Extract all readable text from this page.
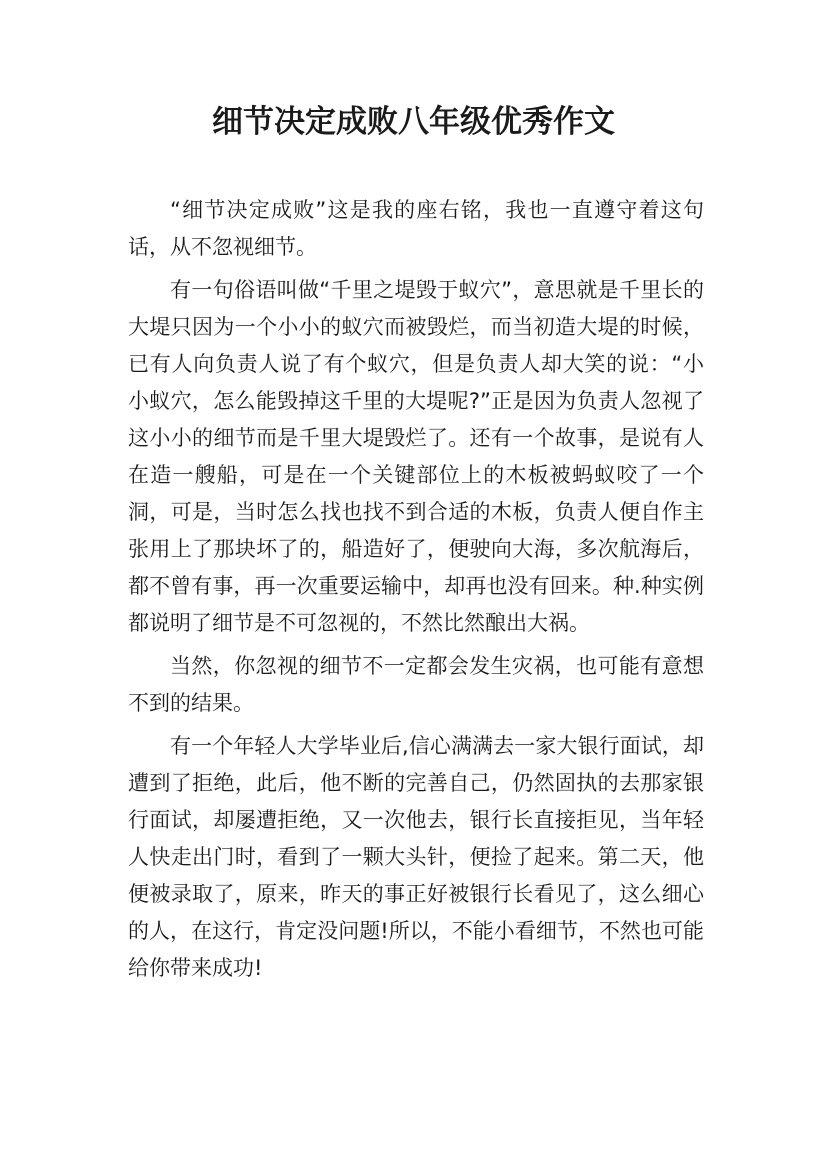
细节决定成败八年级优秀作文

“细节决定成败”这是我的座右铭，我也一直遵守着这句话，从不忽视细节。

有一句俗语叫做“千里之堤毁于蚁穴”，意思就是千里长的大堤只因为一个小小的蚁穴而被毁烂，而当初造大堤的时候，已有人向负责人说了有个蚁穴，但是负责人却大笑的说：“小小蚁穴，怎么能毁掉这千里的大堤呢?”正是因为负责人忽视了这小小的细节而是千里大堤毁烂了。还有一个故事，是说有人在造一艘船，可是在一个关键部位上的木板被蚂蚁咬了一个洞，可是，当时怎么找也找不到合适的木板，负责人便自作主张用上了那块坏了的，船造好了，便驶向大海，多次航海后，都不曾有事，再一次重要运输中，却再也没有回来。种.种实例都说明了细节是不可忽视的，不然比然酿出大祸。

当然，你忽视的细节不一定都会发生灾祸，也可能有意想不到的结果。

有一个年轻人大学毕业后,信心满满去一家大银行面试，却遭到了拒绝，此后，他不断的完善自己，仍然固执的去那家银行面试，却屡遭拒绝，又一次他去，银行长直接拒见，当年轻人快走出门时，看到了一颗大头针，便捡了起来。第二天，他便被录取了，原来，昨天的事正好被银行长看见了，这么细心的人，在这行，肯定没问题!所以，不能小看细节，不然也可能给你带来成功!
